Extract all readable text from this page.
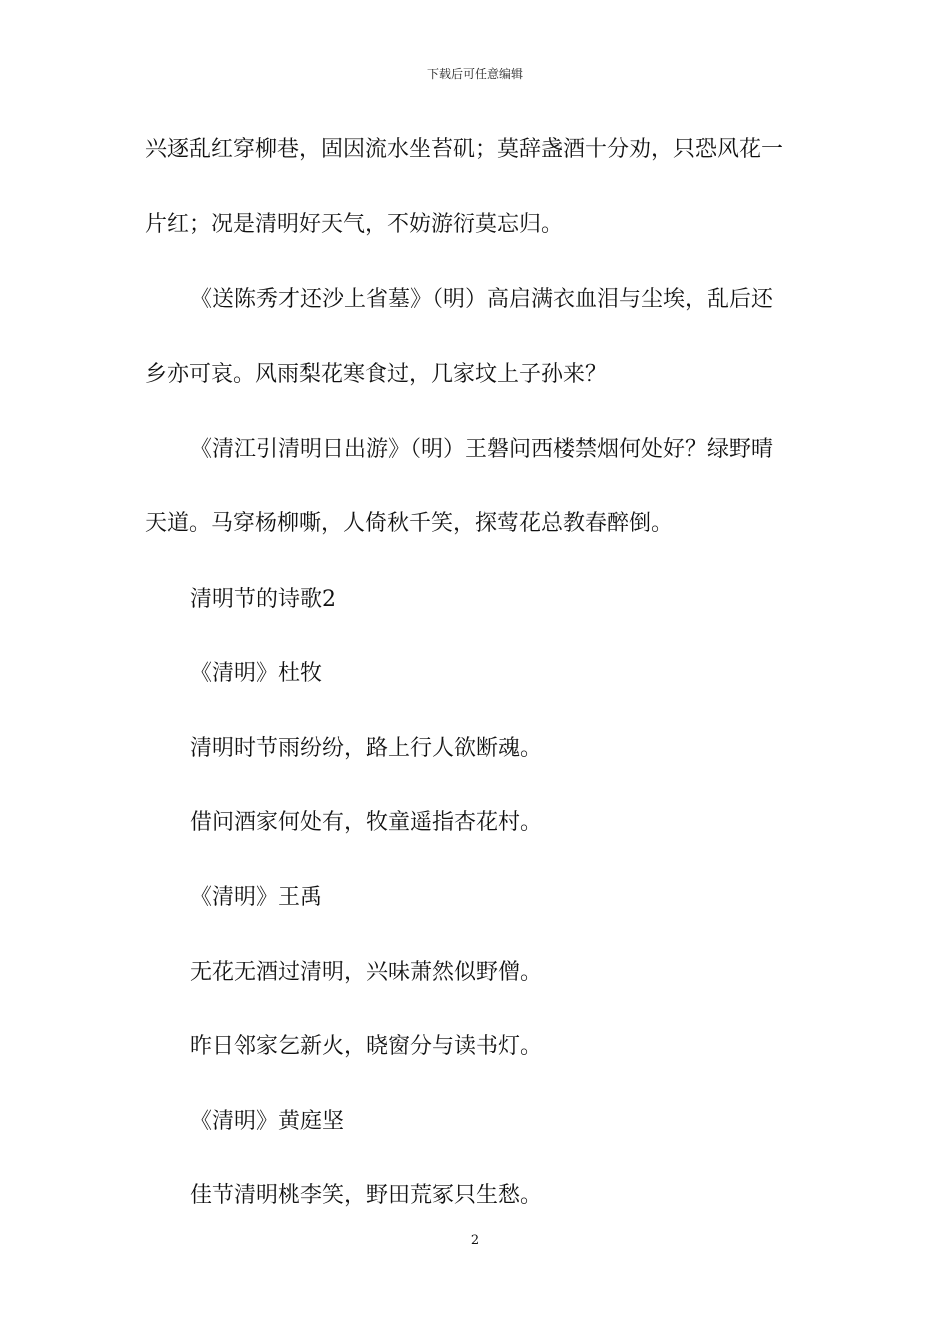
下载后可任意编辑
兴逐乱红穿柳巷，固因流水坐苔矶；莫辞盏酒十分劝，只恐风花一
片红；况是清明好天气，不妨游衍莫忘归。
《送陈秀才还沙上省墓》（明）高启满衣血泪与尘埃，乱后还
乡亦可哀。风雨梨花寒食过，几家坟上子孙来？
《清江引清明日出游》（明）王磐问西楼禁烟何处好？绿野晴
天道。马穿杨柳嘶，人倚秋千笑，探莺花总教春醉倒。
清明节的诗歌2
《清明》杜牧
清明时节雨纷纷，路上行人欲断魂。
借问酒家何处有，牧童遥指杏花村。
《清明》王禹
无花无酒过清明，兴味萧然似野僧。
昨日邻家乞新火，晓窗分与读书灯。
《清明》黄庭坚
佳节清明桃李笑，野田荒冢只生愁。
2
